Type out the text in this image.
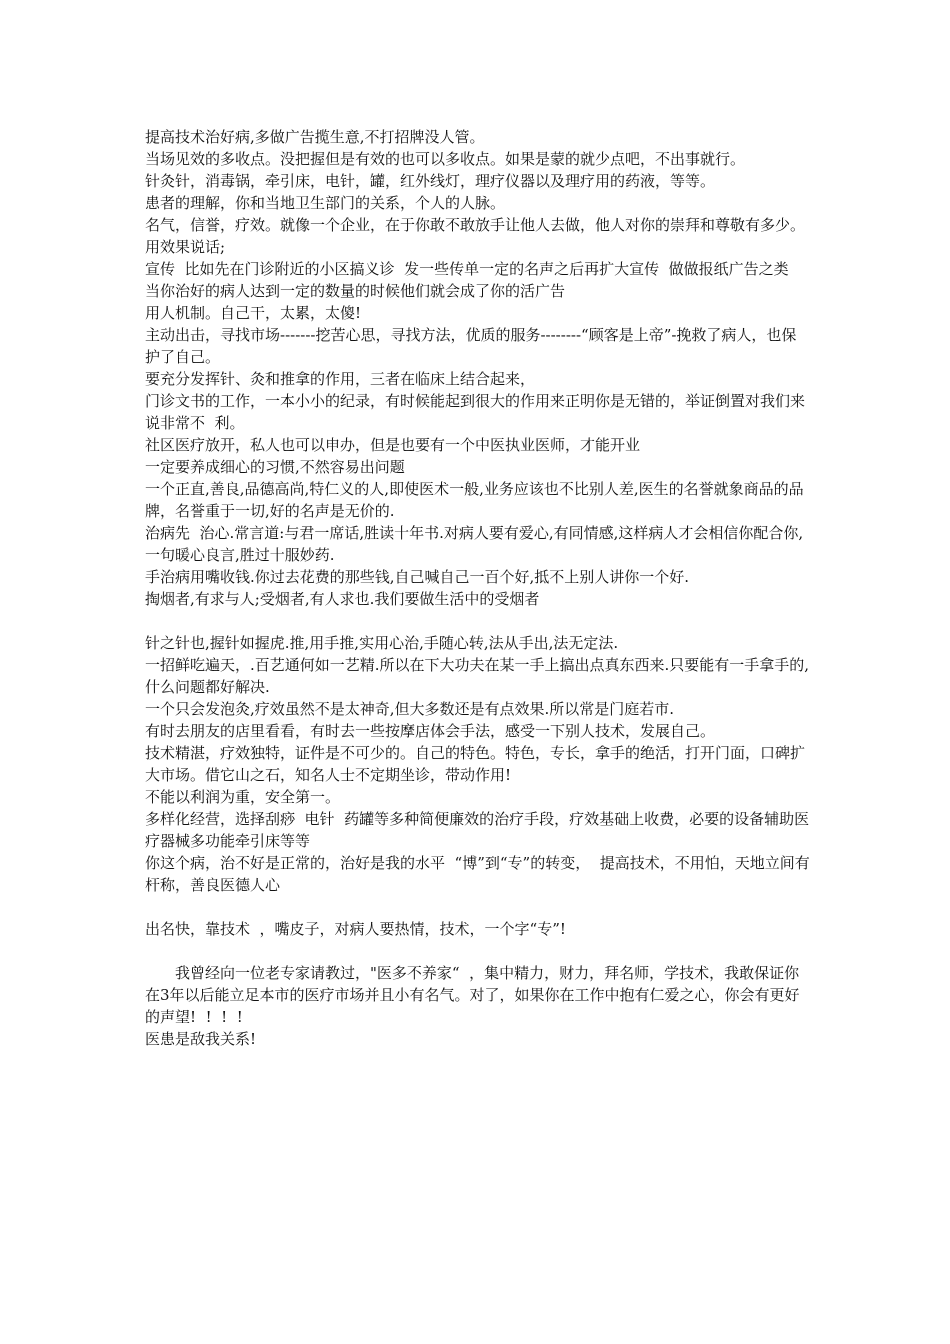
提高技术治好病,多做广告揽生意,不打招牌没人管。

当场见效的多收点。没把握但是有效的也可以多收点。如果是蒙的就少点吧，不出事就行。

针灸针，消毒锅，牵引床，电针，罐，红外线灯，理疗仪器以及理疗用的药液，等等。

患者的理解，你和当地卫生部门的关系，个人的人脉。

名气，信誉，疗效。就像一个企业，在于你敢不敢放手让他人去做，他人对你的崇拜和尊敬有多少。

用效果说话;

宣传  比如先在门诊附近的小区搞义诊  发一些传单一定的名声之后再扩大宣传  做做报纸广告之类  当你治好的病人达到一定的数量的时候他们就会成了你的活广告

用人机制。自己干，太累，太傻!

主动出击，寻找市场-------挖苦心思，寻找方法，优质的服务--------“顾客是上帝”-挽救了病人，也保护了自己。

要充分发挥针、灸和推拿的作用，三者在临床上结合起来，

门诊文书的工作，一本小小的纪录，有时候能起到很大的作用来正明你是无错的，举证倒置对我们来说非常不  利。

社区医疗放开，私人也可以申办，但是也要有一个中医执业医师，才能开业

一定要养成细心的习惯,不然容易出问题

一个正直,善良,品德高尚,特仁义的人,即使医术一般,业务应该也不比别人差,医生的名誉就象商品的品牌，名誉重于一切,好的名声是无价的.

治病先  治心.常言道:与君一席话,胜读十年书.对病人要有爱心,有同情感,这样病人才会相信你配合你,一句暖心良言,胜过十服妙药.

手治病用嘴收钱.你过去花费的那些钱,自己喊自己一百个好,抵不上别人讲你一个好.

掏烟者,有求与人;受烟者,有人求也.我们要做生活中的受烟者

针之针也,握针如握虎.推,用手推,实用心治,手随心转,法从手出,法无定法.

一招鲜吃遍天，.百艺通何如一艺精.所以在下大功夫在某一手上搞出点真东西来.只要能有一手拿手的,什么问题都好解决.

一个只会发泡灸,疗效虽然不是太神奇,但大多数还是有点效果.所以常是门庭若市.

有时去朋友的店里看看，有时去一些按摩店体会手法，感受一下别人技术，发展自己。

技术精湛，疗效独特，证件是不可少的。自己的特色。特色，专长，拿手的绝活，打开门面，口碑扩大市场。借它山之石，知名人士不定期坐诊，带动作用!

不能以利润为重，安全第一。

多样化经营，选择刮痧  电针  药罐等多种简便廉效的治疗手段，疗效基础上收费，必要的设备辅助医疗器械多功能牵引床等等

你这个病，治不好是正常的，治好是我的水平  “博”到“专”的转变，  提高技术，不用怕，天地立间有杆称，善良医德人心

出名快，靠技术  ，嘴皮子，对病人要热情，技术，一个字“专”!

我曾经向一位老专家请教过，"医多不养家“  ，集中精力，财力，拜名师，学技术，我敢保证你在3年以后能立足本市的医疗市场并且小有名气。对了，如果你在工作中抱有仁爱之心，你会有更好的声望!  !  !  !

医患是敌我关系!
